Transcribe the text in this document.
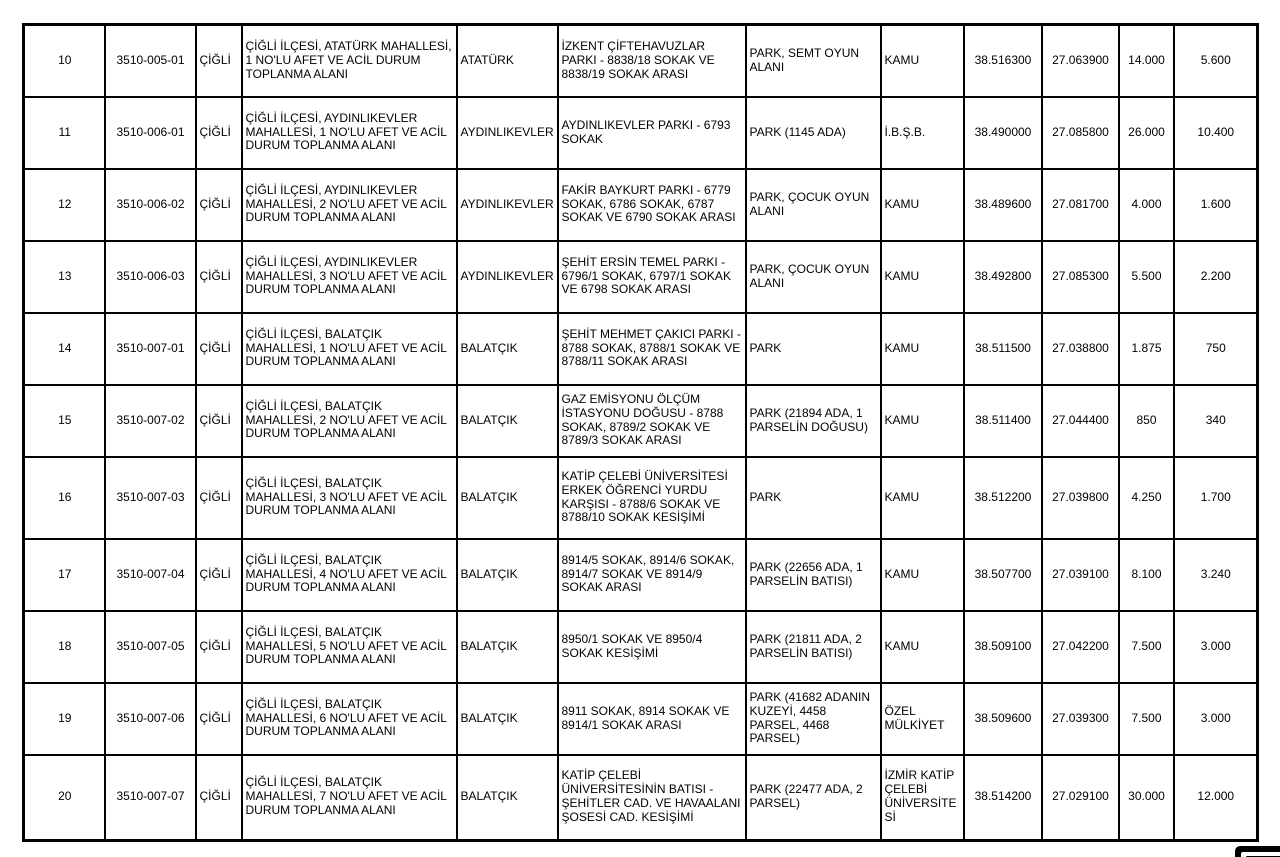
10	3510-005-01	ÇİĞLİ	ÇİĞLİ İLÇESİ, ATATÜRK MAHALLESİ, 1 NO'LU AFET VE ACİL DURUM TOPLANMA ALANI	ATATÜRK	İZKENT ÇİFTEHAVUZLAR PARKI - 8838/18 SOKAK VE 8838/19 SOKAK ARASI	PARK, SEMT OYUN ALANI	KAMU	38.516300	27.063900	14.000	5.600
11	3510-006-01	ÇİĞLİ	ÇİĞLİ İLÇESİ, AYDINLIKEVLER MAHALLESİ, 1 NO'LU AFET VE ACİL DURUM TOPLANMA ALANI	AYDINLIKEVLER	AYDINLIKEVLER PARKI - 6793 SOKAK	PARK (1145 ADA)	İ.B.Ş.B.	38.490000	27.085800	26.000	10.400
12	3510-006-02	ÇİĞLİ	ÇİĞLİ İLÇESİ, AYDINLIKEVLER MAHALLESİ, 2 NO'LU AFET VE ACİL DURUM TOPLANMA ALANI	AYDINLIKEVLER	FAKİR BAYKURT PARKI - 6779 SOKAK, 6786 SOKAK, 6787 SOKAK VE 6790 SOKAK ARASI	PARK, ÇOCUK OYUN ALANI	KAMU	38.489600	27.081700	4.000	1.600
13	3510-006-03	ÇİĞLİ	ÇİĞLİ İLÇESİ, AYDINLIKEVLER MAHALLESİ, 3 NO'LU AFET VE ACİL DURUM TOPLANMA ALANI	AYDINLIKEVLER	ŞEHİT ERSİN TEMEL PARKI - 6796/1 SOKAK, 6797/1 SOKAK VE 6798 SOKAK ARASI	PARK, ÇOCUK OYUN ALANI	KAMU	38.492800	27.085300	5.500	2.200
14	3510-007-01	ÇİĞLİ	ÇİĞLİ İLÇESİ, BALATÇIK MAHALLESİ, 1 NO'LU AFET VE ACİL DURUM TOPLANMA ALANI	BALATÇIK	ŞEHİT MEHMET ÇAKICI PARKI - 8788 SOKAK, 8788/1 SOKAK VE 8788/11 SOKAK ARASI	PARK	KAMU	38.511500	27.038800	1.875	750
15	3510-007-02	ÇİĞLİ	ÇİĞLİ İLÇESİ, BALATÇIK MAHALLESİ, 2 NO'LU AFET VE ACİL DURUM TOPLANMA ALANI	BALATÇIK	GAZ EMİSYONU ÖLÇÜM İSTASYONU DOĞUSU - 8788 SOKAK, 8789/2 SOKAK VE 8789/3 SOKAK ARASI	PARK (21894 ADA, 1 PARSELİN DOĞUSU)	KAMU	38.511400	27.044400	850	340
16	3510-007-03	ÇİĞLİ	ÇİĞLİ İLÇESİ, BALATÇIK MAHALLESİ, 3 NO'LU AFET VE ACİL DURUM TOPLANMA ALANI	BALATÇIK	KATİP ÇELEBİ ÜNİVERSİTESİ ERKEK ÖĞRENCİ YURDU KARŞISI - 8788/6 SOKAK VE 8788/10 SOKAK KESİŞİMİ	PARK	KAMU	38.512200	27.039800	4.250	1.700
17	3510-007-04	ÇİĞLİ	ÇİĞLİ İLÇESİ, BALATÇIK MAHALLESİ, 4 NO'LU AFET VE ACİL DURUM TOPLANMA ALANI	BALATÇIK	8914/5 SOKAK, 8914/6 SOKAK, 8914/7 SOKAK VE 8914/9 SOKAK ARASI	PARK (22656 ADA, 1 PARSELİN BATISI)	KAMU	38.507700	27.039100	8.100	3.240
18	3510-007-05	ÇİĞLİ	ÇİĞLİ İLÇESİ, BALATÇIK MAHALLESİ, 5 NO'LU AFET VE ACİL DURUM TOPLANMA ALANI	BALATÇIK	8950/1 SOKAK VE 8950/4 SOKAK KESİŞİMİ	PARK (21811 ADA, 2 PARSELİN BATISI)	KAMU	38.509100	27.042200	7.500	3.000
19	3510-007-06	ÇİĞLİ	ÇİĞLİ İLÇESİ, BALATÇIK MAHALLESİ, 6 NO'LU AFET VE ACİL DURUM TOPLANMA ALANI	BALATÇIK	8911 SOKAK, 8914 SOKAK VE 8914/1 SOKAK ARASI	PARK (41682 ADANIN KUZEYİ, 4458 PARSEL, 4468 PARSEL)	ÖZEL MÜLKİYET	38.509600	27.039300	7.500	3.000
20	3510-007-07	ÇİĞLİ	ÇİĞLİ İLÇESİ, BALATÇIK MAHALLESİ, 7 NO'LU AFET VE ACİL DURUM TOPLANMA ALANI	BALATÇIK	KATİP ÇELEBİ ÜNİVERSİTESİNİN BATISI - ŞEHİTLER CAD. VE HAVAALANI ŞOSESİ CAD. KESİŞİMİ	PARK (22477 ADA, 2 PARSEL)	İZMİR KATİP ÇELEBİ ÜNİVERSİTESİ	38.514200	27.029100	30.000	12.000
